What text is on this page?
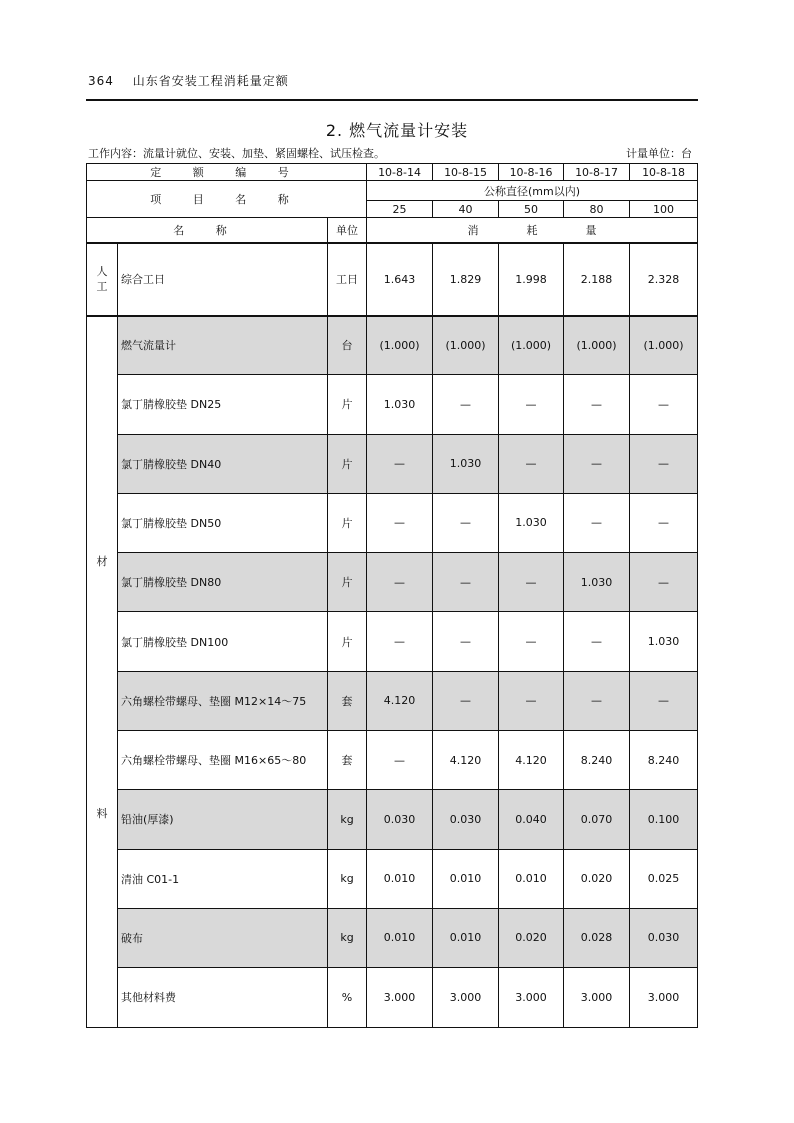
364 山东省安装工程消耗量定额
2. 燃气流量计安装
工作内容：流量计就位、安装、加垫、紧固螺栓、试压检查。	计量单位：台
定 额 编 号			10-8-14	10-8-15	10-8-16	10-8-17	10-8-18
项 目 名 称			公称直径(mm以内)				
			25	40	50	80	100
名 称		单位	消 耗 量				

人
工	综合工日	工日	1.643	1.829	1.998	2.188	2.328

材
料	燃气流量计	台	(1.000)	(1.000)	(1.000)	(1.000)	(1.000)
	氯丁腈橡胶垫 DN25	片	1.030	—	—	—	—
	氯丁腈橡胶垫 DN40	片	—	1.030	—	—	—
	氯丁腈橡胶垫 DN50	片	—	—	1.030	—	—
	氯丁腈橡胶垫 DN80	片	—	—	—	1.030	—
	氯丁腈橡胶垫 DN100	片	—	—	—	—	1.030
	六角螺栓带螺母、垫圈 M12×14～75	套	4.120	—	—	—	—
	六角螺栓带螺母、垫圈 M16×65～80	套	—	4.120	4.120	8.240	8.240
	铅油(厚漆)	kg	0.030	0.030	0.040	0.070	0.100
	清油 C01-1	kg	0.010	0.010	0.010	0.020	0.025
	破布	kg	0.010	0.010	0.020	0.028	0.030
	其他材料费	%	3.000	3.000	3.000	3.000	3.000
